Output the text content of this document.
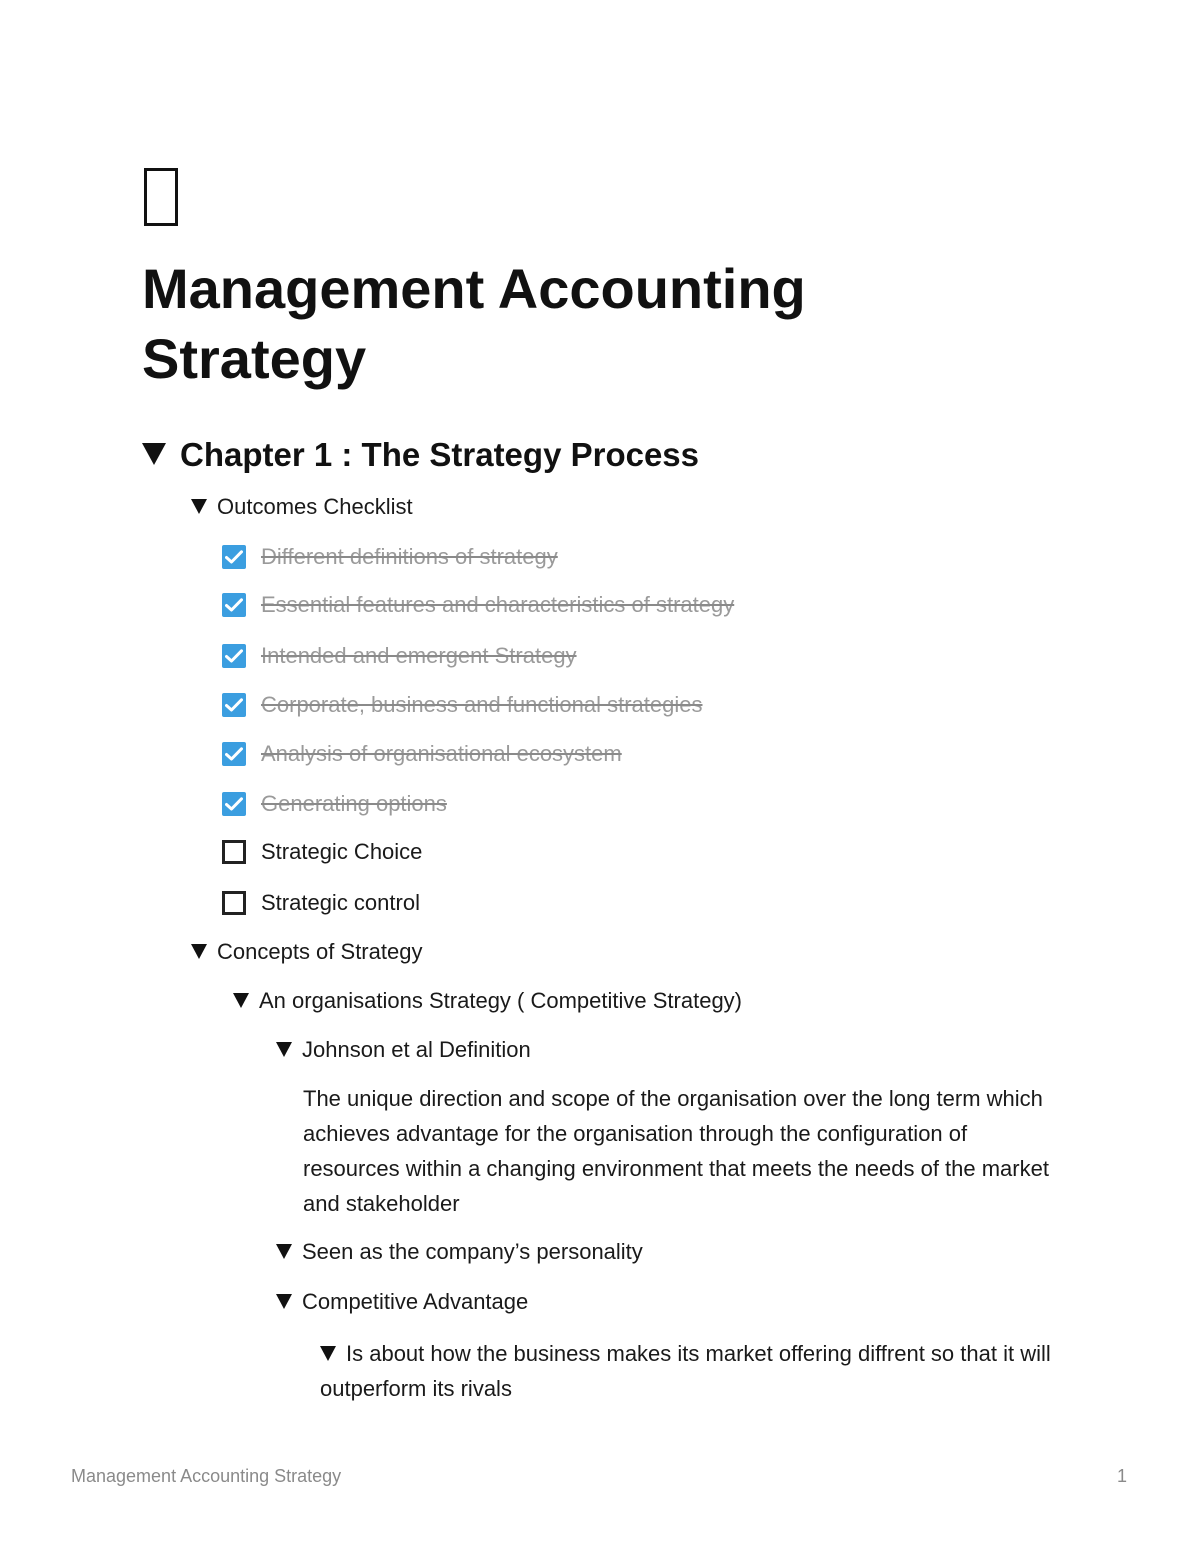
Management Accounting
Strategy
Chapter 1 : The Strategy Process
Outcomes Checklist
Different definitions of strategy
Essential features and characteristics of strategy
Intended and emergent Strategy
Corporate, business and functional strategies
Analysis of organisational ecosystem
Generating options
Strategic Choice
Strategic control
Concepts of Strategy
An organisations Strategy ( Competitive Strategy)
Johnson et al Definition
The unique direction and scope of the organisation over the long term which achieves advantage for the organisation through the configuration of resources within a changing environment that meets the needs of the market and stakeholder
Seen as the company’s personality
Competitive Advantage
Is about how the business makes its market offering diffrent so that it will outperform its rivals
Management Accounting Strategy	1
